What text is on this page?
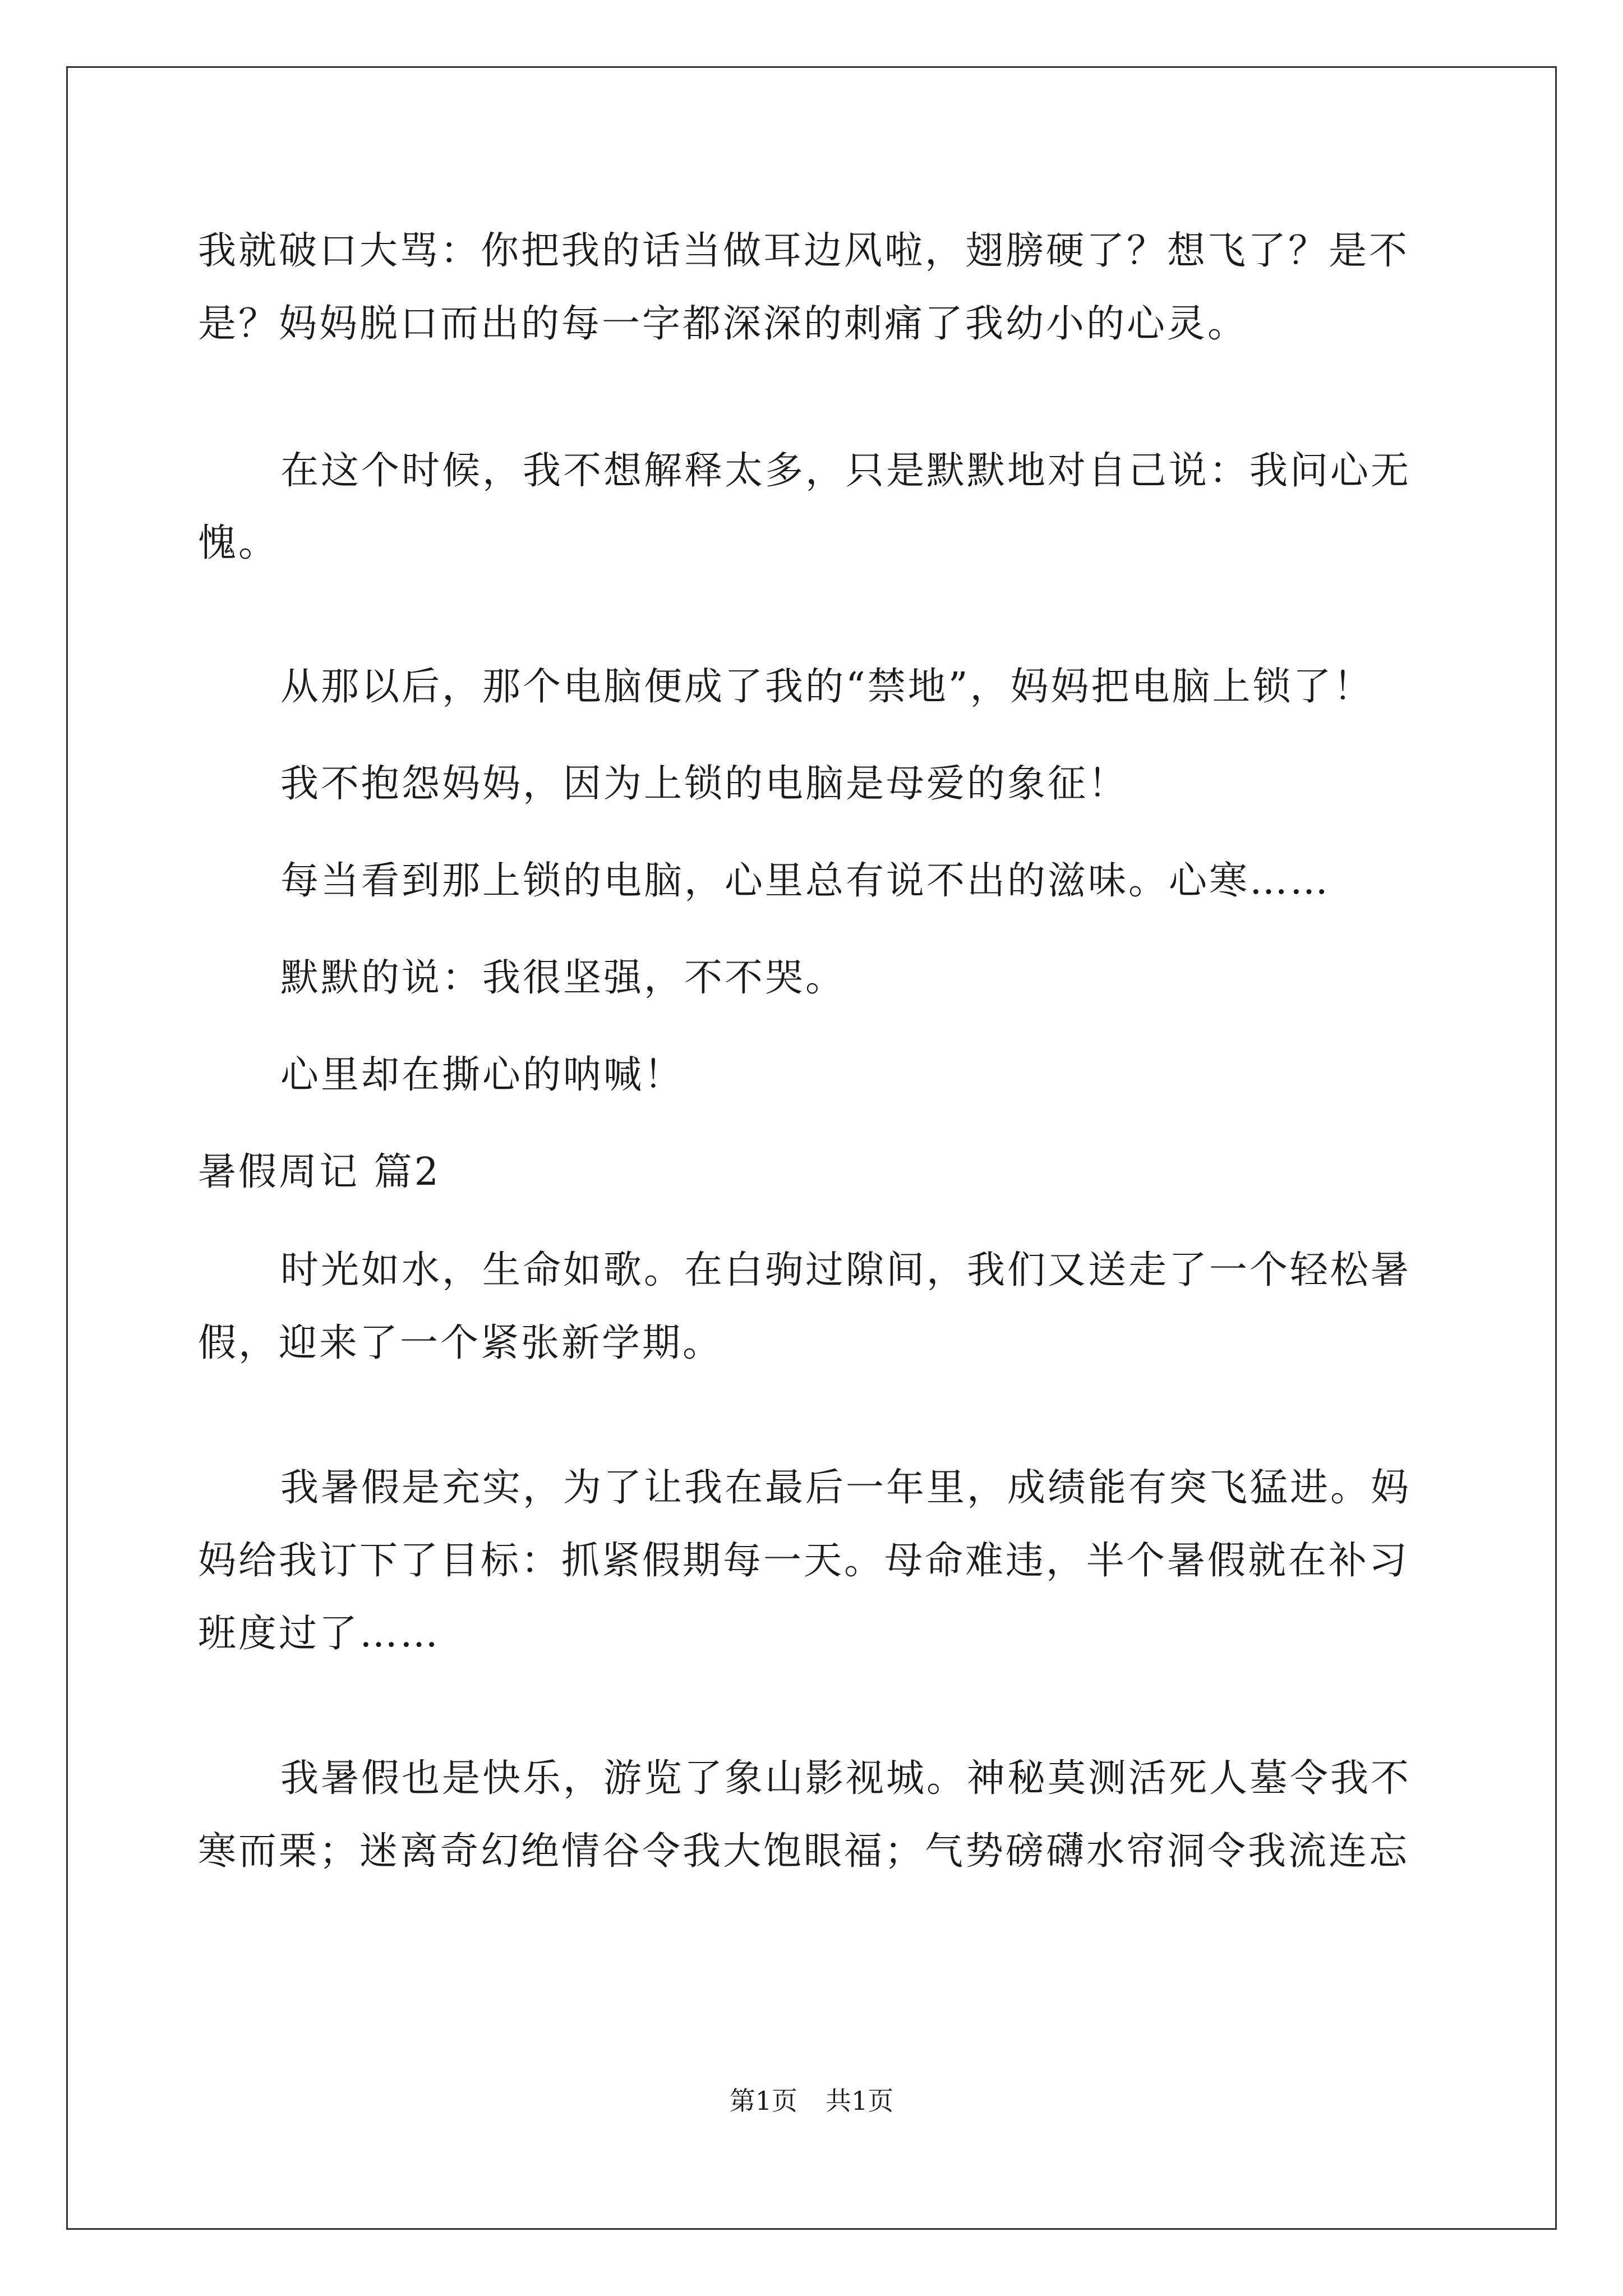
我就破口大骂：你把我的话当做耳边风啦，翅膀硬了？想飞了？是不

是？妈妈脱口而出的每一字都深深的刺痛了我幼小的心灵。

在这个时候，我不想解释太多，只是默默地对自己说：我问心无

愧。

从那以后，那个电脑便成了我的“禁地”，妈妈把电脑上锁了！

我不抱怨妈妈，因为上锁的电脑是母爱的象征！

每当看到那上锁的电脑，心里总有说不出的滋味。心寒……

默默的说：我很坚强，不不哭。

心里却在撕心的呐喊！

暑假周记 篇2

时光如水，生命如歌。在白驹过隙间，我们又送走了一个轻松暑

假，迎来了一个紧张新学期。

我暑假是充实，为了让我在最后一年里，成绩能有突飞猛进。妈

妈给我订下了目标：抓紧假期每一天。母命难违，半个暑假就在补习

班度过了……

我暑假也是快乐，游览了象山影视城。神秘莫测活死人墓令我不

寒而栗；迷离奇幻绝情谷令我大饱眼福；气势磅礴水帘洞令我流连忘

第1页 共1页
